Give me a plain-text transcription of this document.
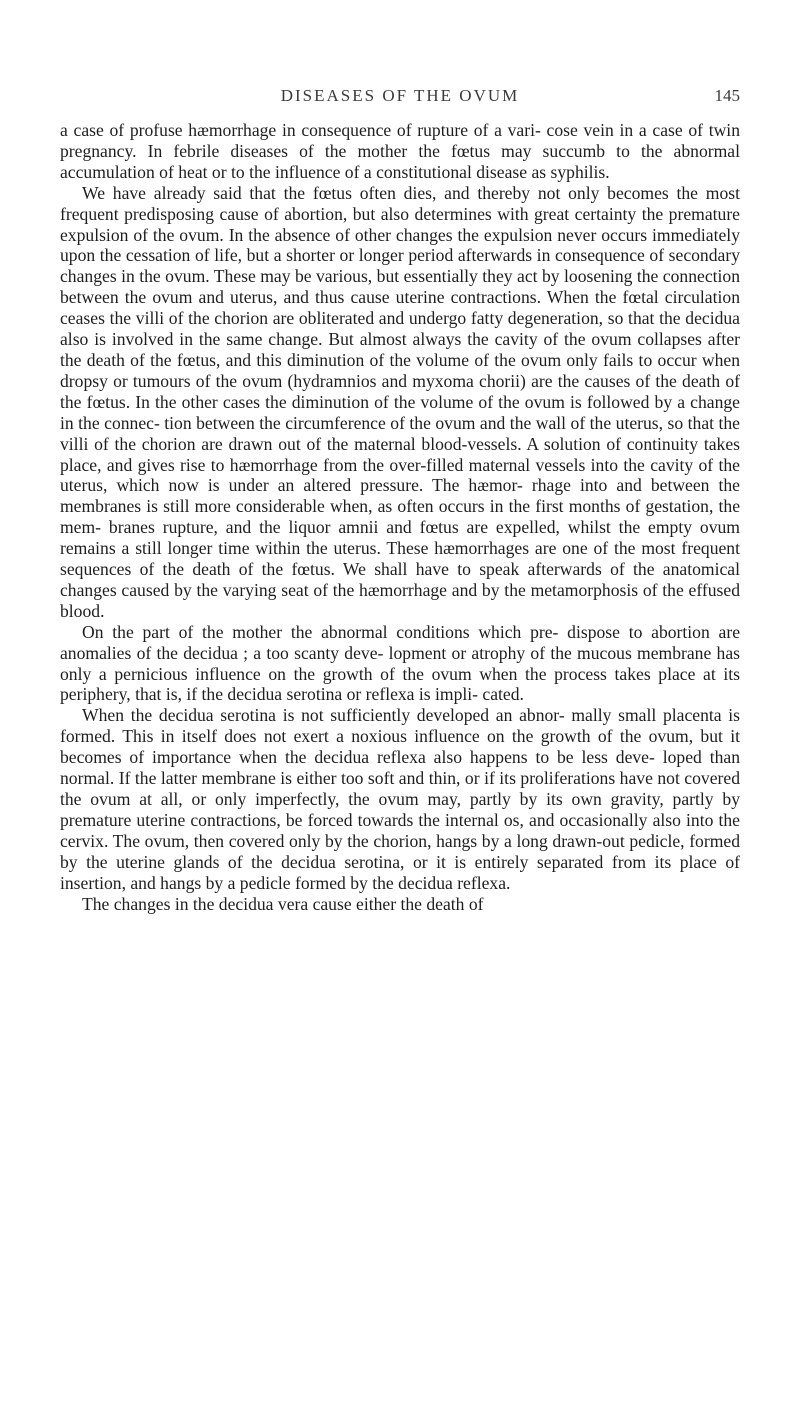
DISEASES OF THE OVUM	145

a case of profuse hæmorrhage in consequence of rupture of a vari- cose vein in a case of twin pregnancy. In febrile diseases of the mother the fœtus may succumb to the abnormal accumulation of heat or to the influence of a constitutional disease as syphilis.

We have already said that the fœtus often dies, and thereby not only becomes the most frequent predisposing cause of abortion, but also determines with great certainty the premature expulsion of the ovum. In the absence of other changes the expulsion never occurs immediately upon the cessation of life, but a shorter or longer period afterwards in consequence of secondary changes in the ovum. These may be various, but essentially they act by loosening the connection between the ovum and uterus, and thus cause uterine contractions. When the fœtal circulation ceases the villi of the chorion are obliterated and undergo fatty degeneration, so that the decidua also is involved in the same change. But almost always the cavity of the ovum collapses after the death of the fœtus, and this diminution of the volume of the ovum only fails to occur when dropsy or tumours of the ovum (hydramnios and myxoma chorii) are the causes of the death of the fœtus. In the other cases the diminution of the volume of the ovum is followed by a change in the connec- tion between the circumference of the ovum and the wall of the uterus, so that the villi of the chorion are drawn out of the maternal blood-vessels. A solution of continuity takes place, and gives rise to hæmorrhage from the over-filled maternal vessels into the cavity of the uterus, which now is under an altered pressure. The hæmor- rhage into and between the membranes is still more considerable when, as often occurs in the first months of gestation, the mem- branes rupture, and the liquor amnii and fœtus are expelled, whilst the empty ovum remains a still longer time within the uterus. These hæmorrhages are one of the most frequent sequences of the death of the fœtus. We shall have to speak afterwards of the anatomical changes caused by the varying seat of the hæmorrhage and by the metamorphosis of the effused blood.

On the part of the mother the abnormal conditions which pre- dispose to abortion are anomalies of the decidua ; a too scanty deve- lopment or atrophy of the mucous membrane has only a pernicious influence on the growth of the ovum when the process takes place at its periphery, that is, if the decidua serotina or reflexa is impli- cated.

When the decidua serotina is not sufficiently developed an abnor- mally small placenta is formed. This in itself does not exert a noxious influence on the growth of the ovum, but it becomes of importance when the decidua reflexa also happens to be less deve- loped than normal. If the latter membrane is either too soft and thin, or if its proliferations have not covered the ovum at all, or only imperfectly, the ovum may, partly by its own gravity, partly by premature uterine contractions, be forced towards the internal os, and occasionally also into the cervix. The ovum, then covered only by the chorion, hangs by a long drawn-out pedicle, formed by the uterine glands of the decidua serotina, or it is entirely separated from its place of insertion, and hangs by a pedicle formed by the decidua reflexa.

The changes in the decidua vera cause either the death of
